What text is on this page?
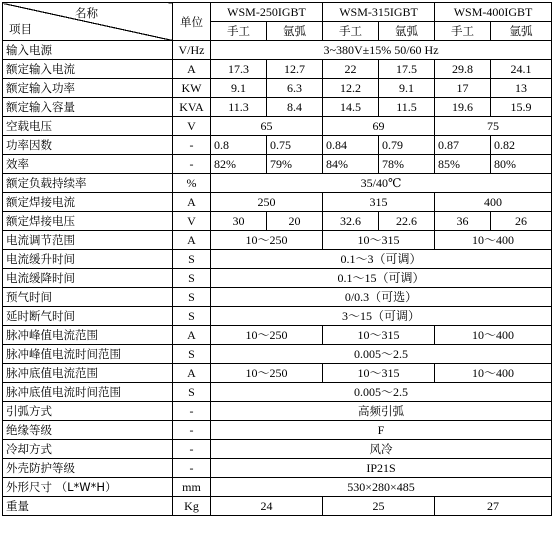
名称
项目	单位	WSM-250IGBT		WSM-315IGBT		WSM-400IGBT	
		手工	氩弧	手工	氩弧	手工	氩弧
输入电源	V/Hz	3~380V±15% 50/60 Hz					
额定输入电流	A	17.3	12.7	22	17.5	29.8	24.1
额定输入功率	KW	9.1	6.3	12.2	9.1	17	13
额定输入容量	KVA	11.3	8.4	14.5	11.5	19.6	15.9
空载电压	V	65		69		75	
功率因数	-	0.8	0.75	0.84	0.79	0.87	0.82
效率	-	82%	79%	84%	78%	85%	80%
额定负载持续率	%	35/40℃					
额定焊接电流	A	250		315		400	
额定焊接电压	V	30	20	32.6	22.6	36	26
电流调节范围	A	10～250		10～315		10～400	
电流缓升时间	S	0.1～3（可调）					
电流缓降时间	S	0.1～15（可调）					
预气时间	S	0/0.3（可选）					
延时断气时间	S	3～15（可调）					
脉冲峰值电流范围	A	10～250		10～315		10～400	
脉冲峰值电流时间范围	S	0.005～2.5					
脉冲底值电流范围	A	10～250		10～315		10～400	
脉冲底值电流时间范围	S	0.005～2.5					
引弧方式	-	高频引弧					
绝缘等级	-	F					
冷却方式	-	风冷					
外壳防护等级	-	IP21S					
外形尺寸 （L*W*H）	mm	530×280×485					
重量	Kg	24		25		27	
